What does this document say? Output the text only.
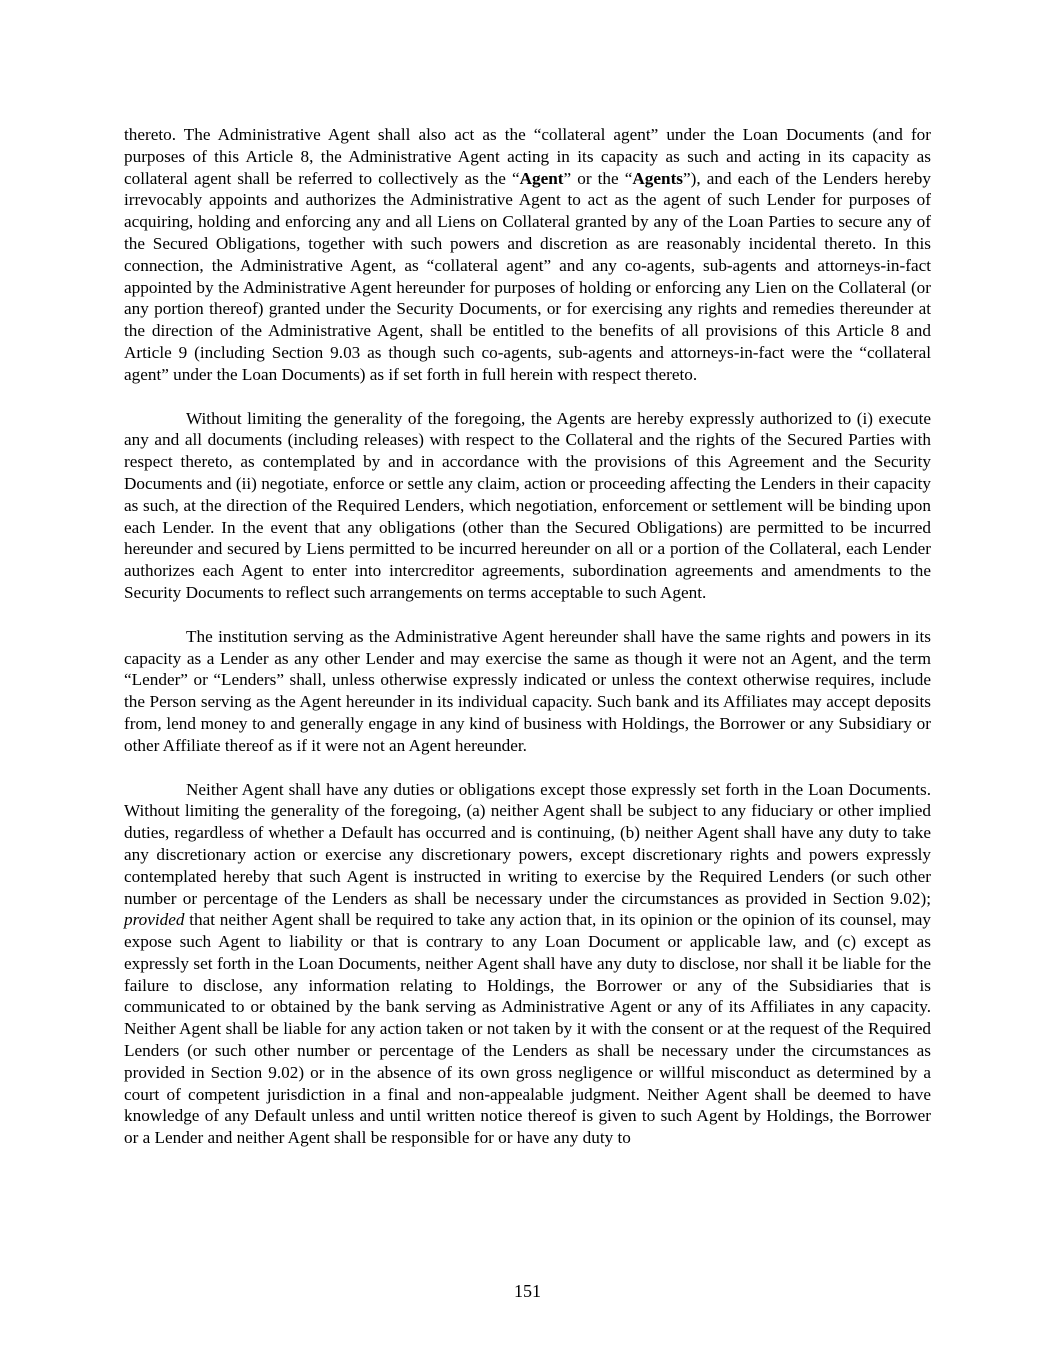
thereto. The Administrative Agent shall also act as the “collateral agent” under the Loan Documents (and for purposes of this Article 8, the Administrative Agent acting in its capacity as such and acting in its capacity as collateral agent shall be referred to collectively as the “Agent” or the “Agents”), and each of the Lenders hereby irrevocably appoints and authorizes the Administrative Agent to act as the agent of such Lender for purposes of acquiring, holding and enforcing any and all Liens on Collateral granted by any of the Loan Parties to secure any of the Secured Obligations, together with such powers and discretion as are reasonably incidental thereto. In this connection, the Administrative Agent, as “collateral agent” and any co-agents, sub-agents and attorneys-in-fact appointed by the Administrative Agent hereunder for purposes of holding or enforcing any Lien on the Collateral (or any portion thereof) granted under the Security Documents, or for exercising any rights and remedies thereunder at the direction of the Administrative Agent, shall be entitled to the benefits of all provisions of this Article 8 and Article 9 (including Section 9.03 as though such co-agents, sub-agents and attorneys-in-fact were the “collateral agent” under the Loan Documents) as if set forth in full herein with respect thereto.

Without limiting the generality of the foregoing, the Agents are hereby expressly authorized to (i) execute any and all documents (including releases) with respect to the Collateral and the rights of the Secured Parties with respect thereto, as contemplated by and in accordance with the provisions of this Agreement and the Security Documents and (ii) negotiate, enforce or settle any claim, action or proceeding affecting the Lenders in their capacity as such, at the direction of the Required Lenders, which negotiation, enforcement or settlement will be binding upon each Lender. In the event that any obligations (other than the Secured Obligations) are permitted to be incurred hereunder and secured by Liens permitted to be incurred hereunder on all or a portion of the Collateral, each Lender authorizes each Agent to enter into intercreditor agreements, subordination agreements and amendments to the Security Documents to reflect such arrangements on terms acceptable to such Agent.

The institution serving as the Administrative Agent hereunder shall have the same rights and powers in its capacity as a Lender as any other Lender and may exercise the same as though it were not an Agent, and the term “Lender” or “Lenders” shall, unless otherwise expressly indicated or unless the context otherwise requires, include the Person serving as the Agent hereunder in its individual capacity. Such bank and its Affiliates may accept deposits from, lend money to and generally engage in any kind of business with Holdings, the Borrower or any Subsidiary or other Affiliate thereof as if it were not an Agent hereunder.

Neither Agent shall have any duties or obligations except those expressly set forth in the Loan Documents. Without limiting the generality of the foregoing, (a) neither Agent shall be subject to any fiduciary or other implied duties, regardless of whether a Default has occurred and is continuing, (b) neither Agent shall have any duty to take any discretionary action or exercise any discretionary powers, except discretionary rights and powers expressly contemplated hereby that such Agent is instructed in writing to exercise by the Required Lenders (or such other number or percentage of the Lenders as shall be necessary under the circumstances as provided in Section 9.02); provided that neither Agent shall be required to take any action that, in its opinion or the opinion of its counsel, may expose such Agent to liability or that is contrary to any Loan Document or applicable law, and (c) except as expressly set forth in the Loan Documents, neither Agent shall have any duty to disclose, nor shall it be liable for the failure to disclose, any information relating to Holdings, the Borrower or any of the Subsidiaries that is communicated to or obtained by the bank serving as Administrative Agent or any of its Affiliates in any capacity. Neither Agent shall be liable for any action taken or not taken by it with the consent or at the request of the Required Lenders (or such other number or percentage of the Lenders as shall be necessary under the circumstances as provided in Section 9.02) or in the absence of its own gross negligence or willful misconduct as determined by a court of competent jurisdiction in a final and non-appealable judgment. Neither Agent shall be deemed to have knowledge of any Default unless and until written notice thereof is given to such Agent by Holdings, the Borrower or a Lender and neither Agent shall be responsible for or have any duty to

151
